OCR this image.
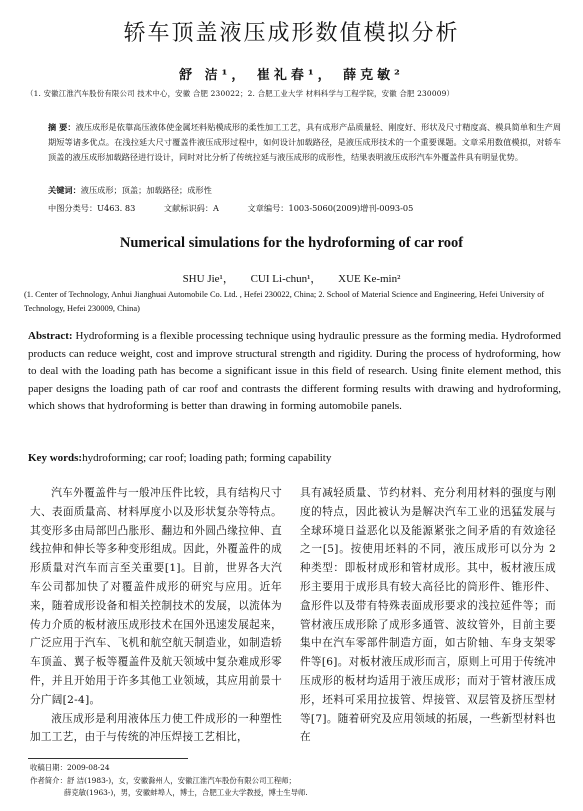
轿车顶盖液压成形数值模拟分析
舒 洁¹， 崔礼春¹， 薛克敏²
（1. 安徽江淮汽车股份有限公司 技术中心，安徽 合肥 230022；2. 合肥工业大学 材料科学与工程学院，安徽 合肥 230009）
摘 要：液压成形是依靠高压液体使金属坯料贴模成形的柔性加工工艺，具有成形产品质量轻、刚度好、形状及尺寸精度高、模具简单和生产周期短等诸多优点。在浅拉延大尺寸覆盖件液压成形过程中，如何设计加载路径，是液压成形技术的一个重要课题。文章采用数值模拟，对轿车顶盖的液压成形加载路径进行设计，同时对比分析了传统拉延与液压成形的成形性，结果表明液压成形汽车外覆盖件具有明显优势。
关键词：液压成形；顶盖；加载路径；成形性
中图分类号：U463. 83	文献标识码：A	文章编号：1003-5060(2009)增刊-0093-05
Numerical simulations for the hydroforming of car roof
SHU Jie¹， CUI Li-chun¹， XUE Ke-min²
(1. Center of Technology, Anhui Jianghuai Automobile Co. Ltd. , Hefei 230022, China; 2. School of Material Science and Engineering, Hefei University of Technology, Hefei 230009, China)
Abstract: Hydroforming is a flexible processing technique using hydraulic pressure as the forming media. Hydroformed products can reduce weight, cost and improve structural strength and rigidity. During the process of hydroforming, how to deal with the loading path has become a significant issue in this field of research. Using finite element method, this paper designs the loading path of car roof and contrasts the different forming results with drawing and hydroforming, which shows that hydroforming is better than drawing in forming automobile panels.
Key words:hydroforming; car roof; loading path; forming capability

汽车外覆盖件与一般冲压件比较，具有结构尺寸大、表面质量高、材料厚度小以及形状复杂等特点。其变形多由局部凹凸胀形、翻边和外圆凸缘拉伸、直线拉伸和伸长等多种变形组成。因此，外覆盖件的成形质量对汽车而言至关重要[1]。目前，世界各大汽车公司都加快了对覆盖件成形的研究与应用。近年来，随着成形设备和相关控制技术的发展，以流体为传力介质的板材液压成形技术在国外迅速发展起来，广泛应用于汽车、飞机和航空航天制造业，如制造轿车顶盖、翼子板等覆盖件及航天领域中复杂难成形零件，并且开始用于许多其他工业领域，其应用前景十分广阔[2-4]。

液压成形是利用液体压力使工件成形的一种塑性加工工艺，由于与传统的冲压焊接工艺相比，

具有减轻质量、节约材料、充分利用材料的强度与刚度的特点，因此被认为是解决汽车工业的迅猛发展与全球环境日益恶化以及能源紧张之间矛盾的有效途径之一[5]。按使用坯料的不同，液压成形可以分为 2 种类型：即板材成形和管材成形。其中，板材液压成形主要用于成形具有较大高径比的筒形件、锥形件、盒形件以及带有特殊表面成形要求的浅拉延件等；而管材液压成形除了成形多通管、波纹管外，目前主要集中在汽车零部件制造方面，如古阶轴、车身支架零件等[6]。对板材液压成形而言，原则上可用于传统冲压成形的板材均适用于液压成形；而对于管材液压成形，坯料可采用拉拔管、焊接管、双层管及挤压型材等[7]。随着研究及应用领域的拓展，一些新型材料也在

收稿日期：2009-08-24
作者简介：舒 洁(1983-)，女，安徽滁州人，安徽江淮汽车股份有限公司工程师；
薛克敏(1963-)，男，安徽蚌埠人，博士，合肥工业大学教授，博士生导师.
